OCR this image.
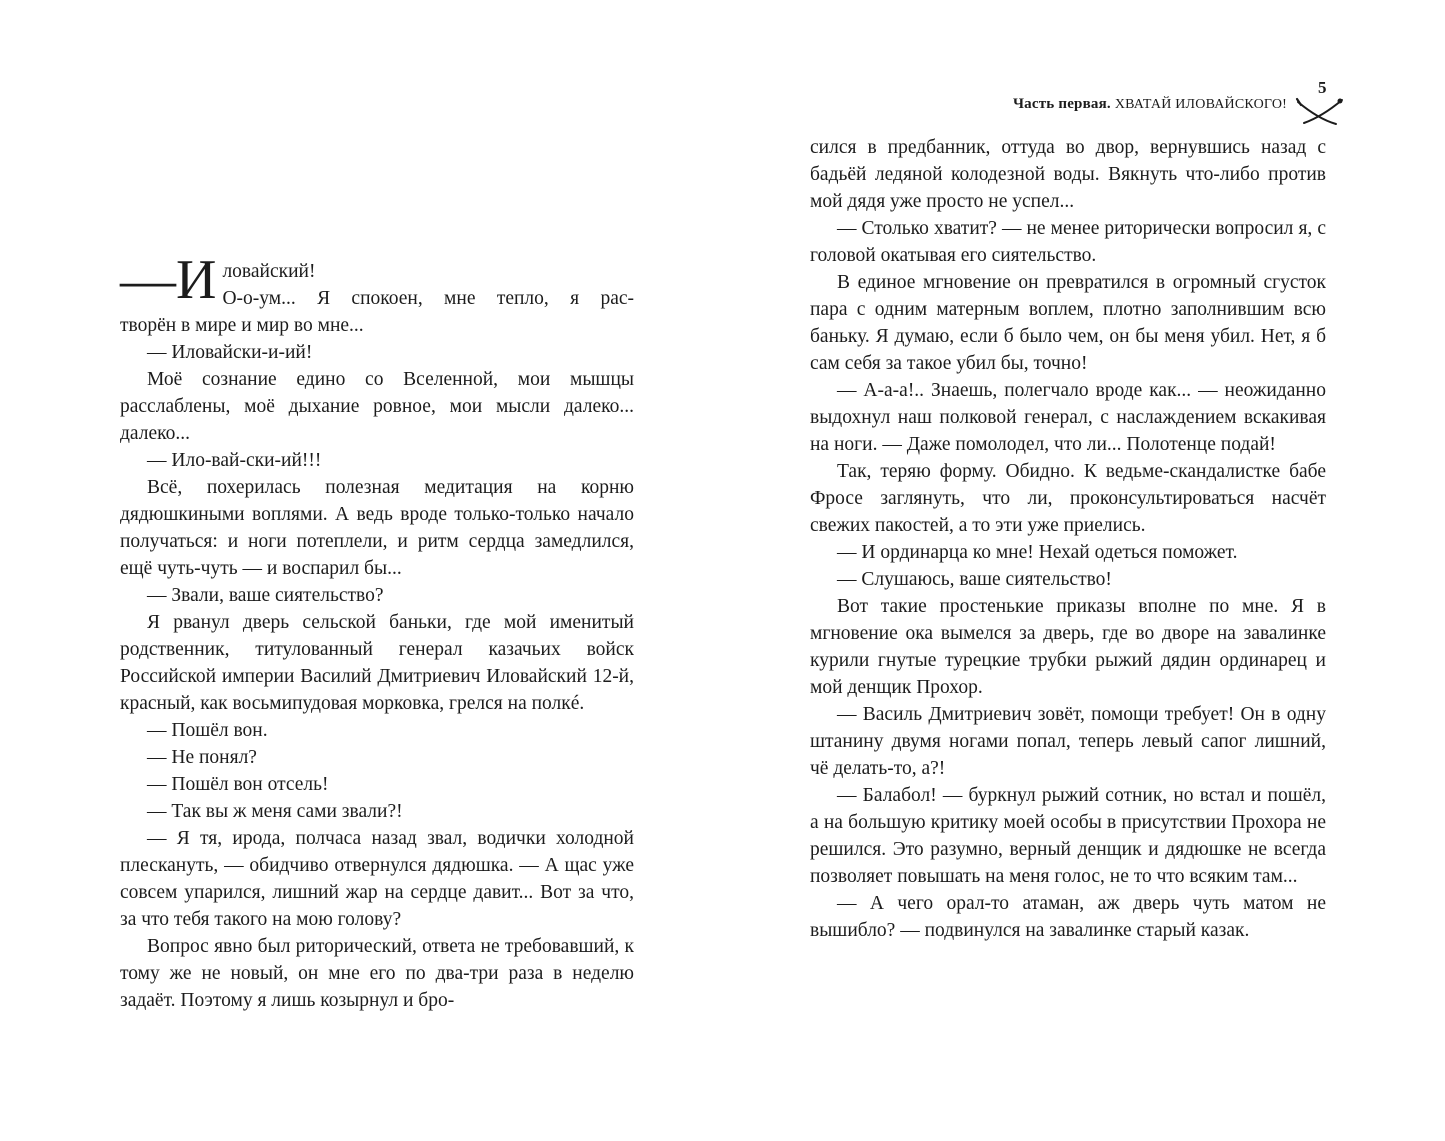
—И ловайский!
О-о-ум... Я спокоен, мне тепло, я рас-

творён в мире и мир во мне...

— Иловайски-и-ий!

Моё сознание едино со Вселенной, мои мышцы расслаблены, моё дыхание ровное, мои мысли далеко... далеко...

— Ило-вай-ски-ий!!!

Всё, похерилась полезная медитация на корню дядюшкиными воплями. А ведь вроде только-только начало получаться: и ноги потеплели, и ритм сердца замедлился, ещё чуть-чуть — и воспарил бы...

— Звали, ваше сиятельство?

Я рванул дверь сельской баньки, где мой именитый родственник, титулованный генерал казачьих войск Российской империи Василий Дмитриевич Иловайский 12-й, красный, как восьмипудовая морковка, грелся на полкé.

— Пошёл вон.

— Не понял?

— Пошёл вон отсель!

— Так вы ж меня сами звали?!

— Я тя, ирода, полчаса назад звал, водички холодной плескануть, — обидчиво отвернулся дядюшка. — А щас уже совсем упарился, лишний жар на сердце давит... Вот за что, за что тебя такого на мою голову?

Вопрос явно был риторический, ответа не требовавший, к тому же не новый, он мне его по два-три раза в неделю задаёт. Поэтому я лишь козырнул и бро-

Часть первая. ХВАТАЙ ИЛОВАЙСКОГО!
5

сился в предбанник, оттуда во двор, вернувшись назад с бадьёй ледяной колодезной воды. Вякнуть что-либо против мой дядя уже просто не успел...

— Столько хватит? — не менее риторически вопросил я, с головой окатывая его сиятельство.

В единое мгновение он превратился в огромный сгусток пара с одним матерным воплем, плотно заполнившим всю баньку. Я думаю, если б было чем, он бы меня убил. Нет, я б сам себя за такое убил бы, точно!

— А-а-а!.. Знаешь, полегчало вроде как... — неожиданно выдохнул наш полковой генерал, с наслаждением вскакивая на ноги. — Даже помолодел, что ли... Полотенце подай!

Так, теряю форму. Обидно. К ведьме-скандалистке бабе Фросе заглянуть, что ли, проконсультироваться насчёт свежих пакостей, а то эти уже приелись.

— И ординарца ко мне! Нехай одеться поможет.

— Слушаюсь, ваше сиятельство!

Вот такие простенькие приказы вполне по мне. Я в мгновение ока вымелся за дверь, где во дворе на завалинке курили гнутые турецкие трубки рыжий дядин ординарец и мой денщик Прохор.

— Василь Дмитриевич зовёт, помощи требует! Он в одну штанину двумя ногами попал, теперь левый сапог лишний, чё делать-то, а?!

— Балабол! — буркнул рыжий сотник, но встал и пошёл, а на большую критику моей особы в присутствии Прохора не решился. Это разумно, верный денщик и дядюшке не всегда позволяет повышать на меня голос, не то что всяким там...

— А чего орал-то атаман, аж дверь чуть матом не вышибло? — подвинулся на завалинке старый казак.
